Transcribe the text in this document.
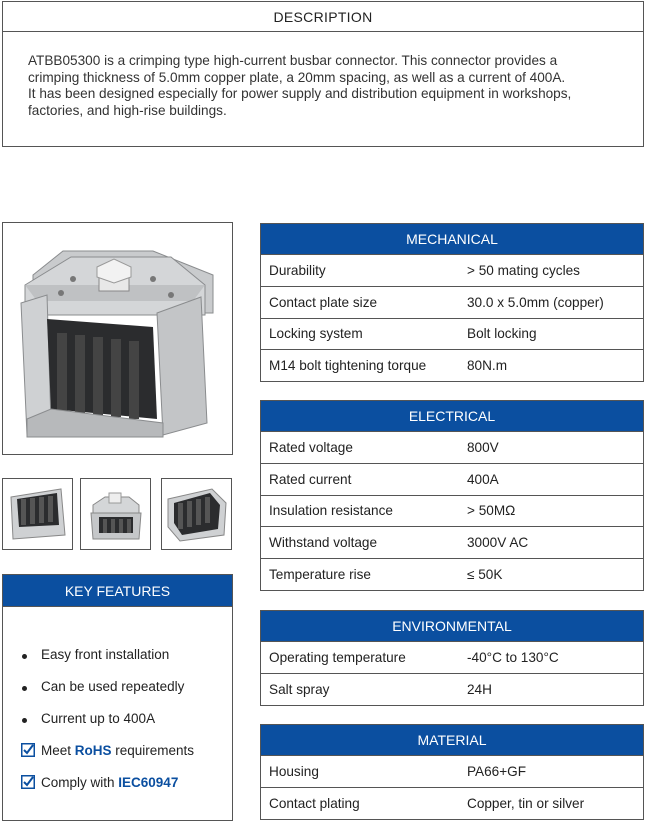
DESCRIPTION
ATBB05300 is a crimping type high-current busbar connector. This connector provides a
crimping thickness of 5.0mm copper plate, a 20mm spacing, as well as a current of 400A.
It has been designed especially for power supply and distribution equipment in workshops,
factories, and high-rise buildings.
KEY FEATURES
Easy front installation
Can be used repeatedly
Current up to 400A
Meet RoHS requirements
Comply with IEC60947
MECHANICAL
Durability	> 50 mating cycles
Contact plate size	30.0 x 5.0mm (copper)
Locking system	Bolt locking
M14 bolt tightening torque	80N.m
ELECTRICAL
Rated voltage	800V
Rated current	400A
Insulation resistance	> 50MΩ
Withstand voltage	3000V AC
Temperature rise	≤ 50K
ENVIRONMENTAL
Operating temperature	-40°C to 130°C
Salt spray	24H
MATERIAL
Housing	PA66+GF
Contact plating	Copper, tin or silver
